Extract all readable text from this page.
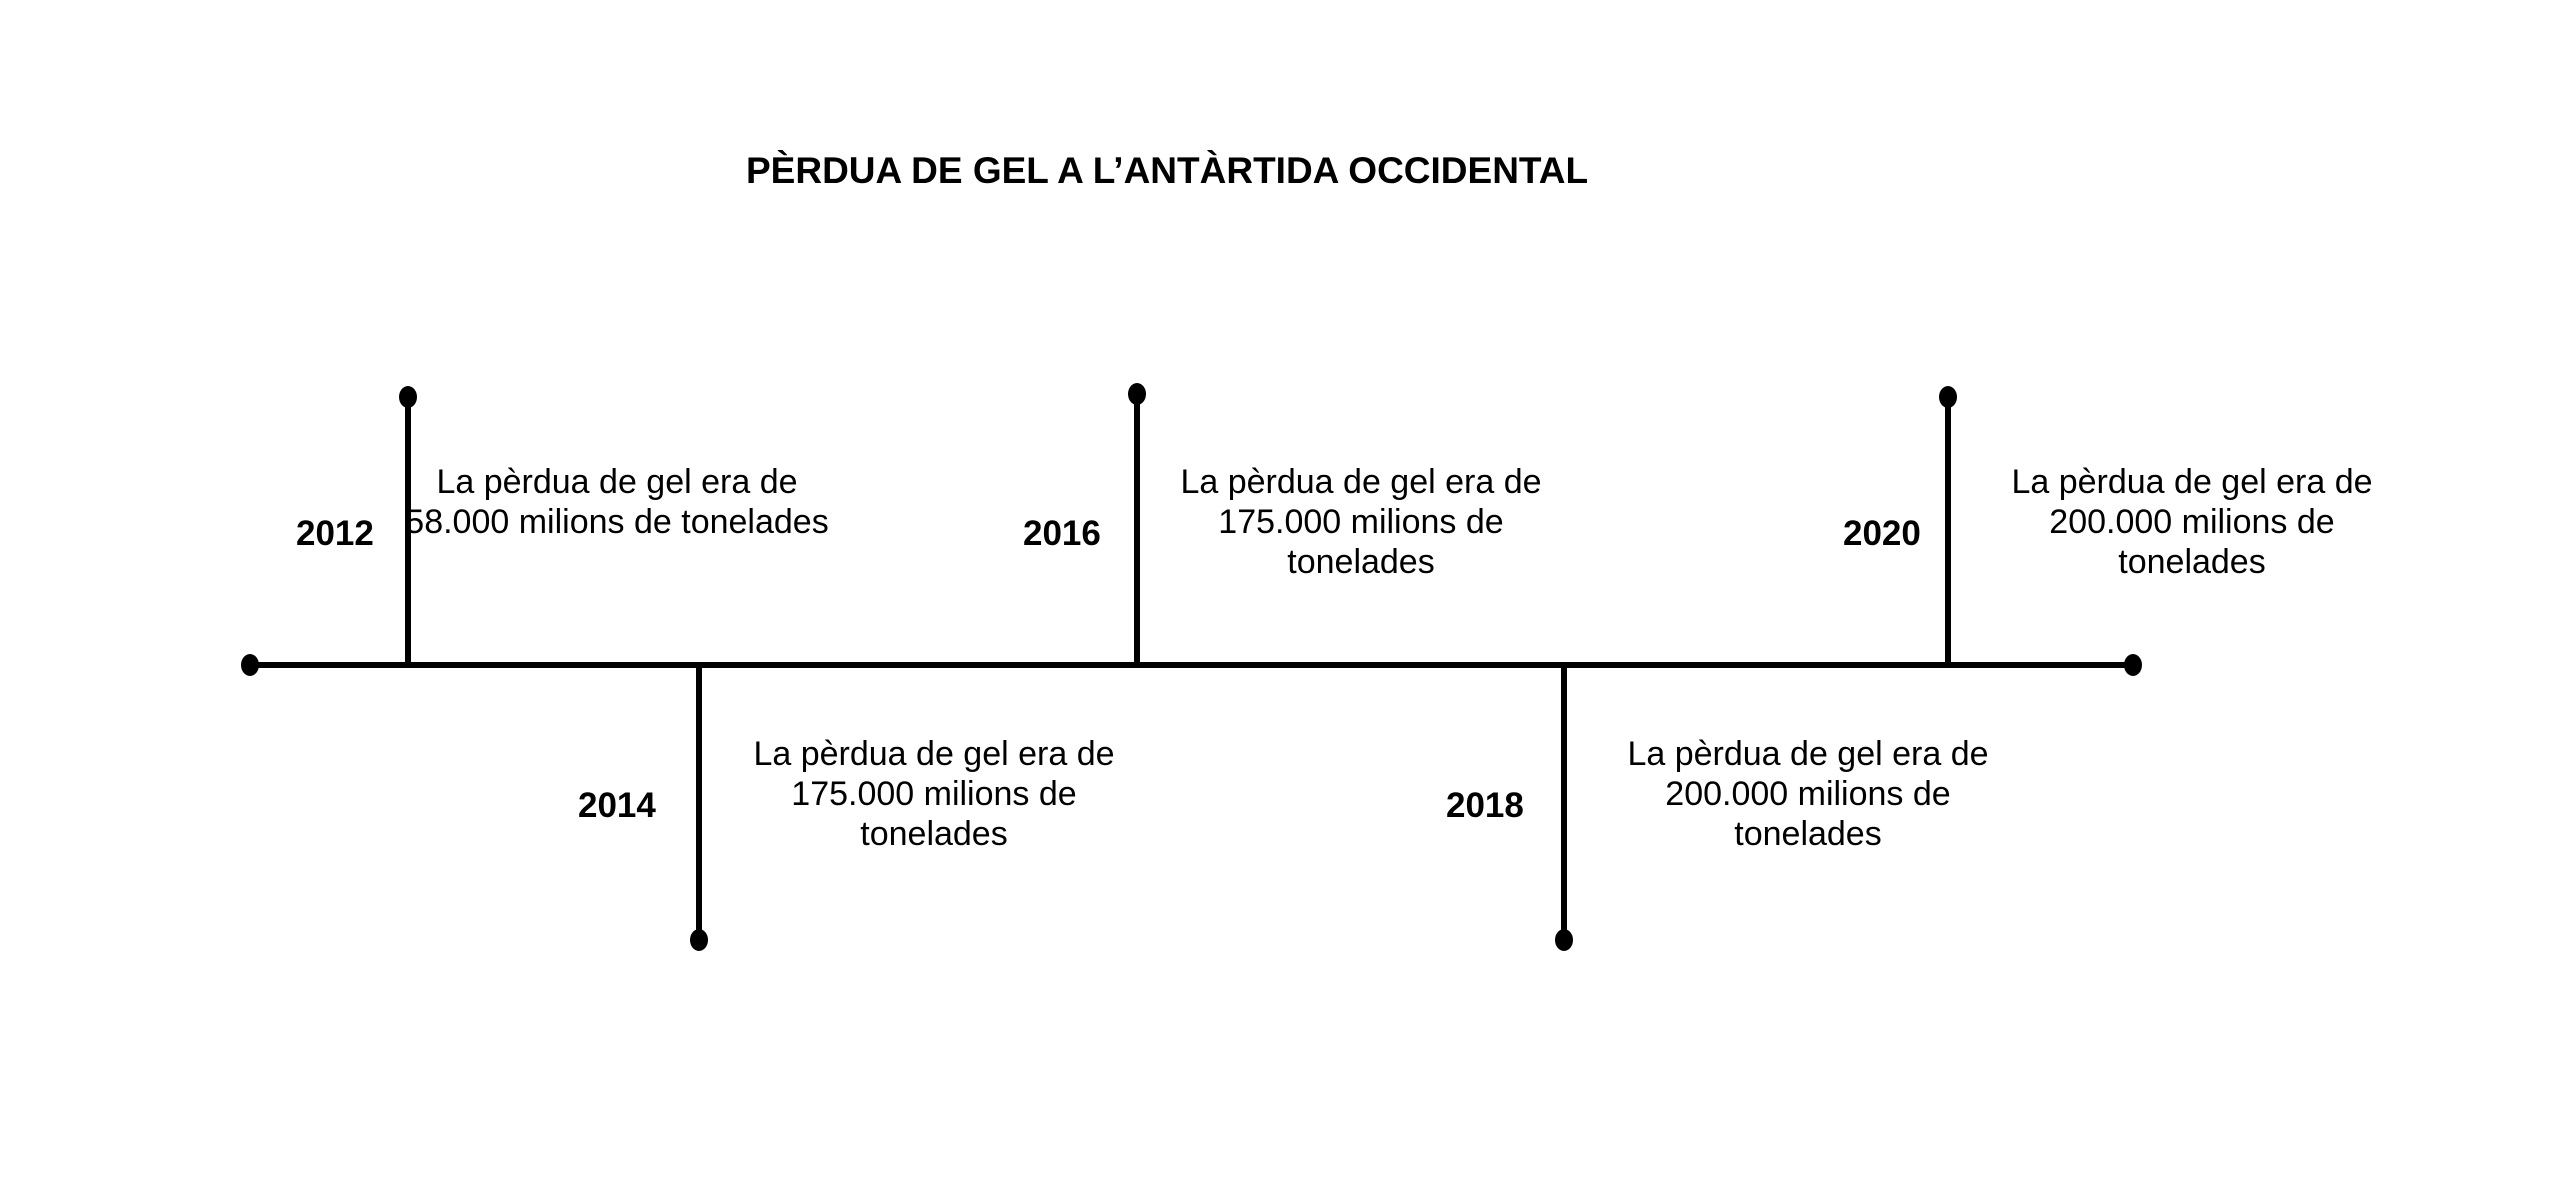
PÈRDUA DE GEL A L’ANTÀRTIDA OCCIDENTAL
2012
La pèrdua de gel era de 58.000 milions de tonelades
2014
La pèrdua de gel era de 175.000 milions de tonelades
2016
La pèrdua de gel era de 175.000 milions de tonelades
2018
La pèrdua de gel era de 200.000 milions de tonelades
2020
La pèrdua de gel era de 200.000 milions de tonelades
